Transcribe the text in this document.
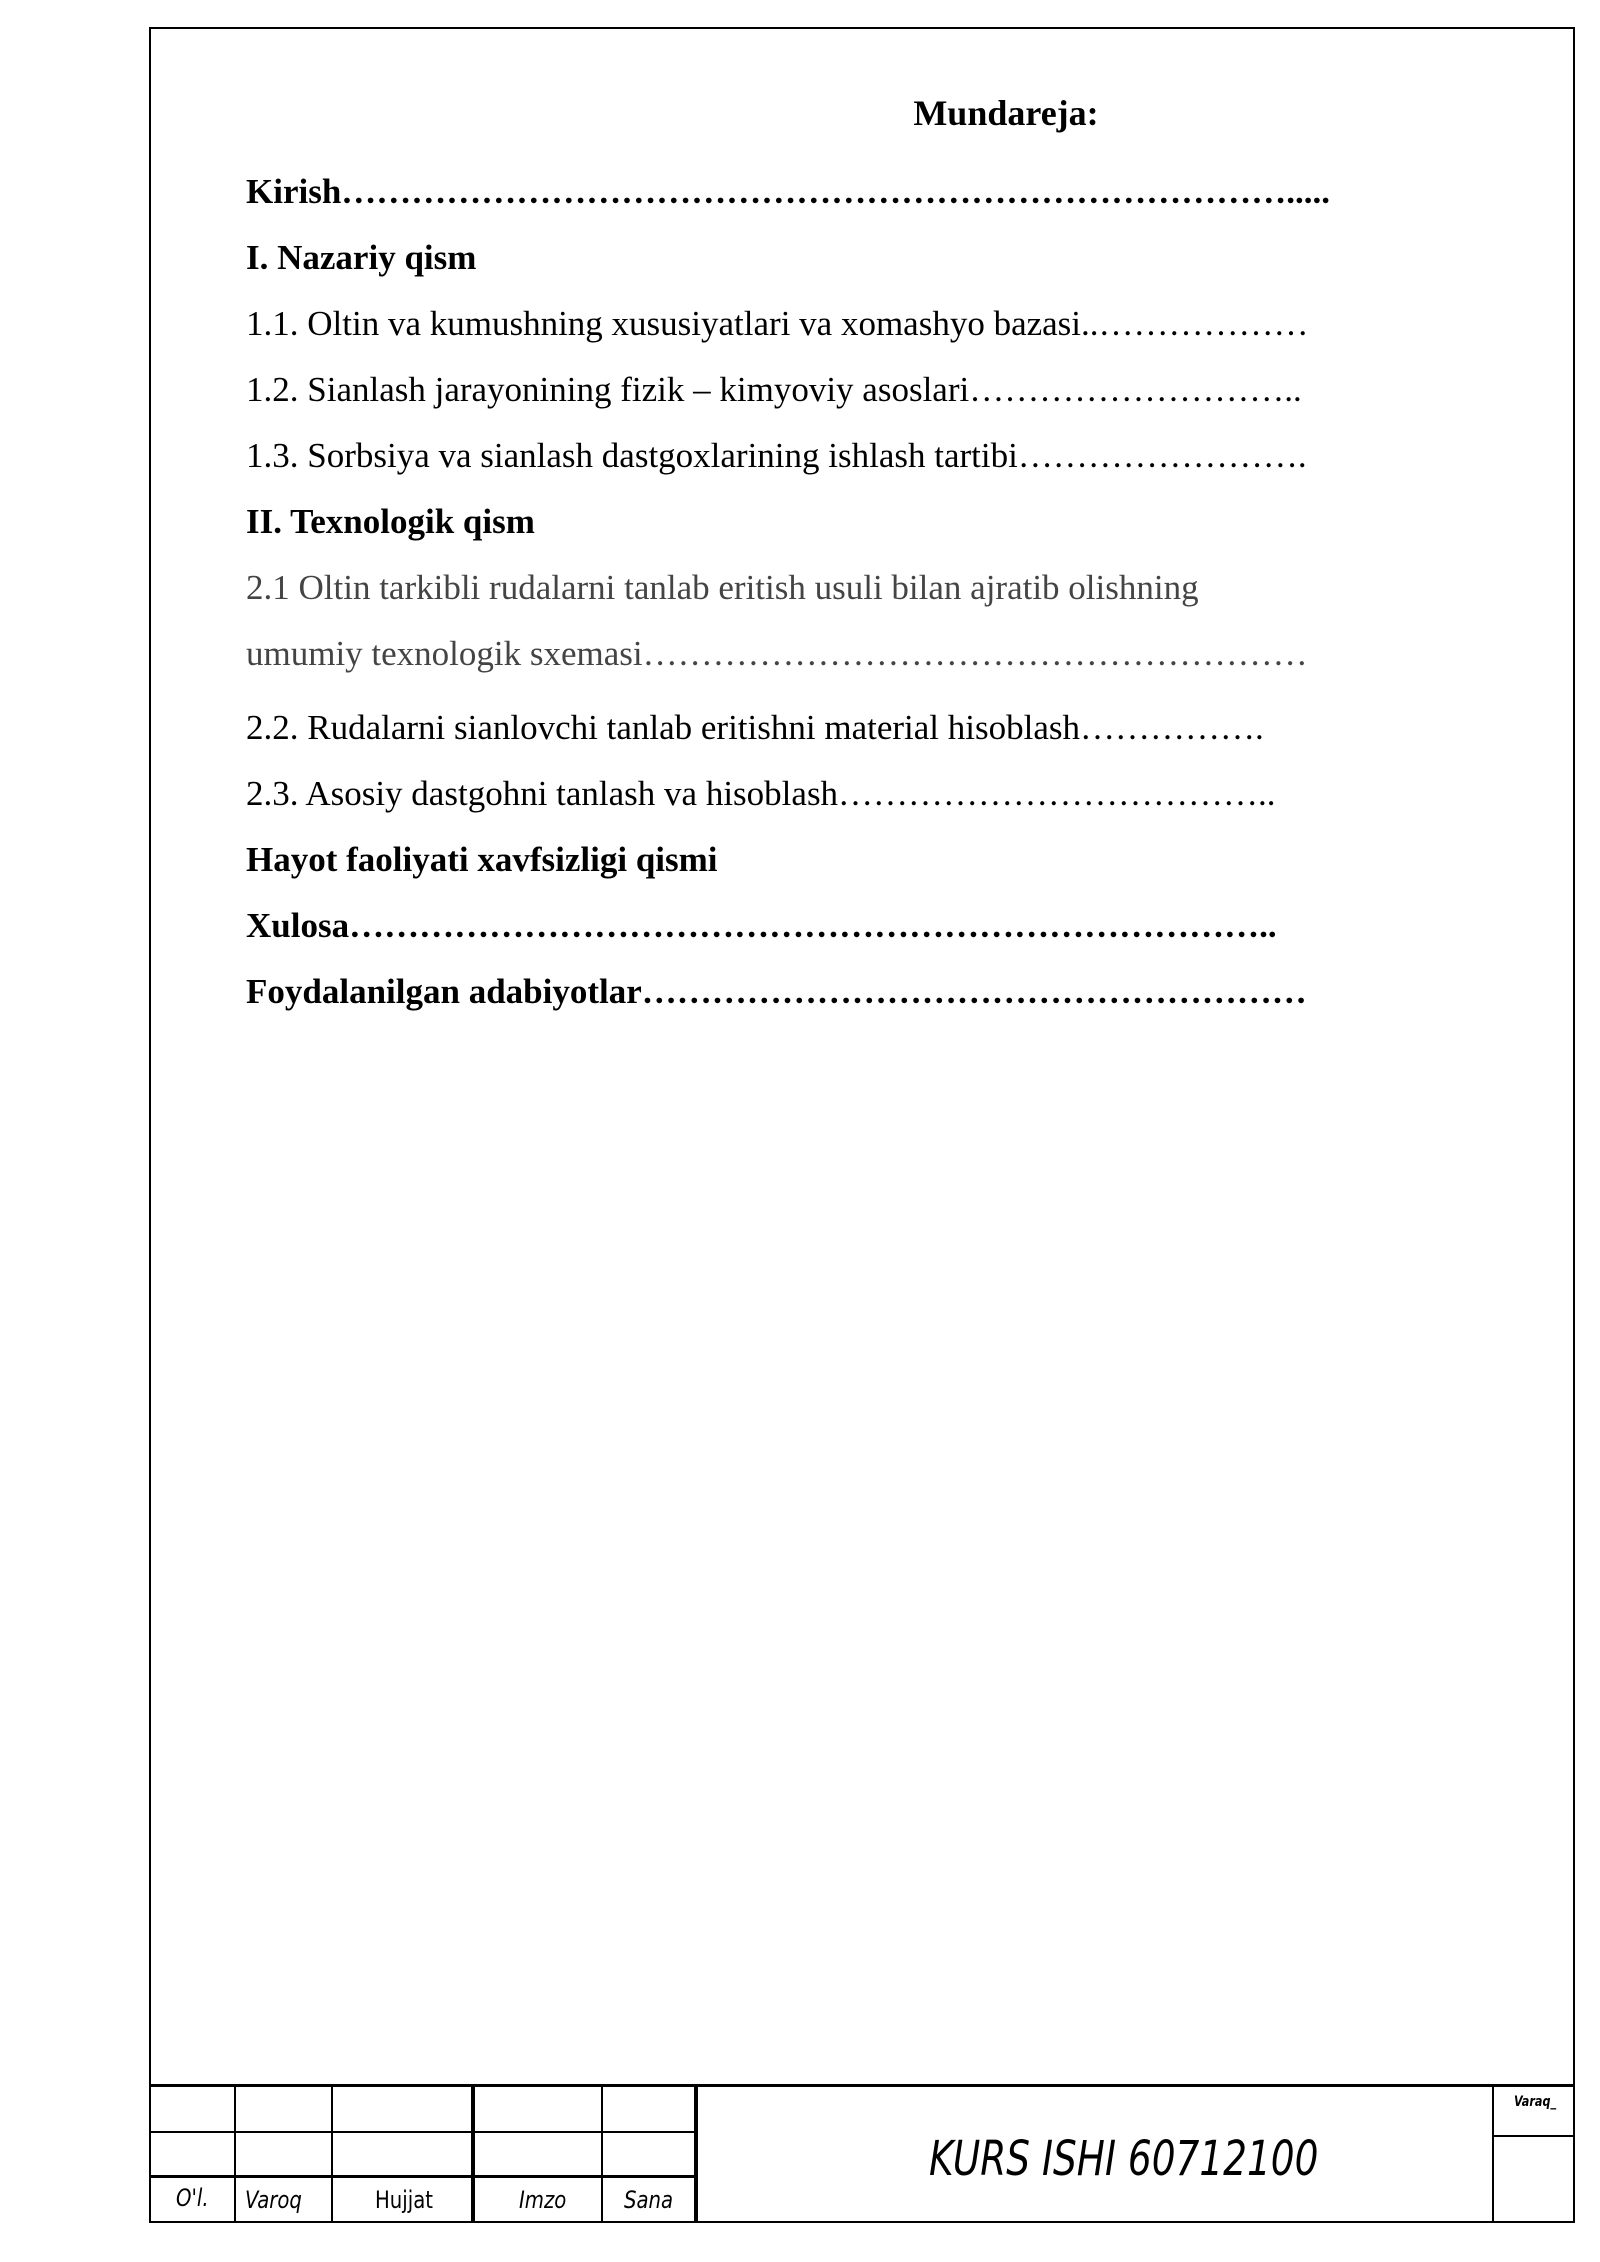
Mundareja:
Kirish……………………………………………………………………….....
I. Nazariy qism
1.1. Oltin va kumushning xususiyatlari va xomashyo bazasi..………………
1.2. Sianlash jarayonining fizik – kimyoviy asoslari………………………..
1.3. Sorbsiya va sianlash dastgoxlarining ishlash tartibi…………………….
II. Texnologik qism
2.1 Oltin tarkibli rudalarni tanlab eritish usuli bilan ajratib olishning
umumiy texnologik sxemasi…………………………………………………
2.2. Rudalarni sianlovchi tanlab eritishni material hisoblash…………….
2.3. Asosiy dastgohni tanlash va hisoblash………………………………..
Hayot faoliyati xavfsizligi qismi
Xulosa……………………………………………………………………..
Foydalanilgan adabiyotlar…………………………………………………
O'l. Varoq	Hujjat	Imzo Sana
KURS ISHI 60712100
Varaq_
